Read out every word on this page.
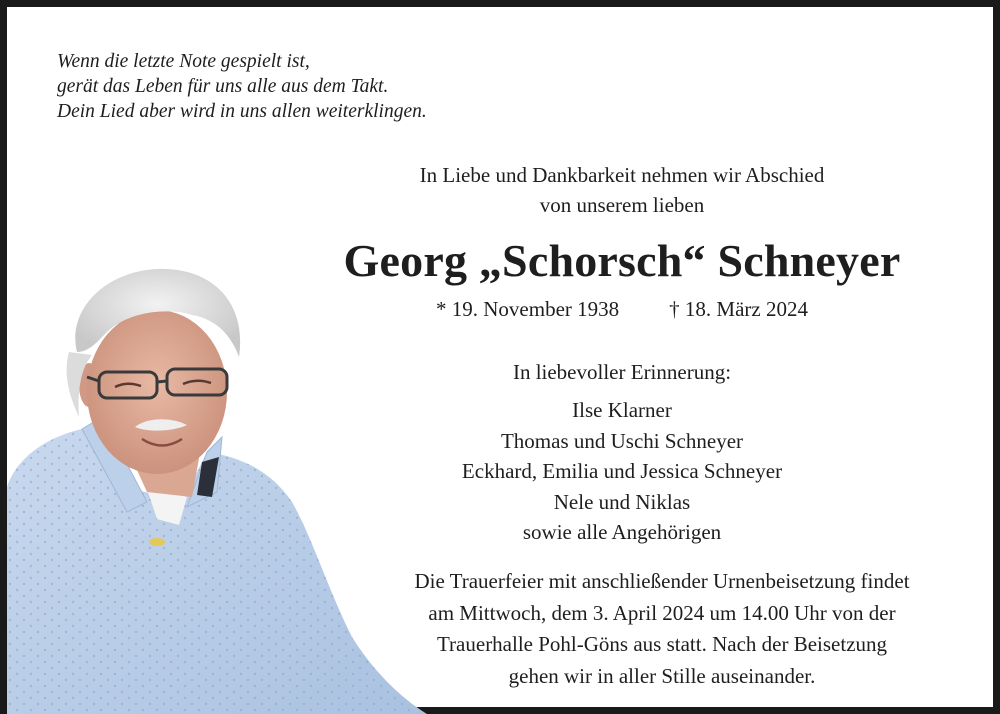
Wenn die letzte Note gespielt ist,
gerät das Leben für uns alle aus dem Takt.
Dein Lied aber wird in uns allen weiterklingen.
In Liebe und Dankbarkeit nehmen wir Abschied
von unserem lieben
Georg „Schorsch“ Schneyer
* 19. November 1938 † 18. März 2024
In liebevoller Erinnerung:
Ilse Klarner
Thomas und Uschi Schneyer
Eckhard, Emilia und Jessica Schneyer
Nele und Niklas
sowie alle Angehörigen
Die Trauerfeier mit anschließender Urnenbeisetzung findet
am Mittwoch, dem 3. April 2024 um 14.00 Uhr von der
Trauerhalle Pohl-Göns aus statt. Nach der Beisetzung
gehen wir in aller Stille auseinander.
